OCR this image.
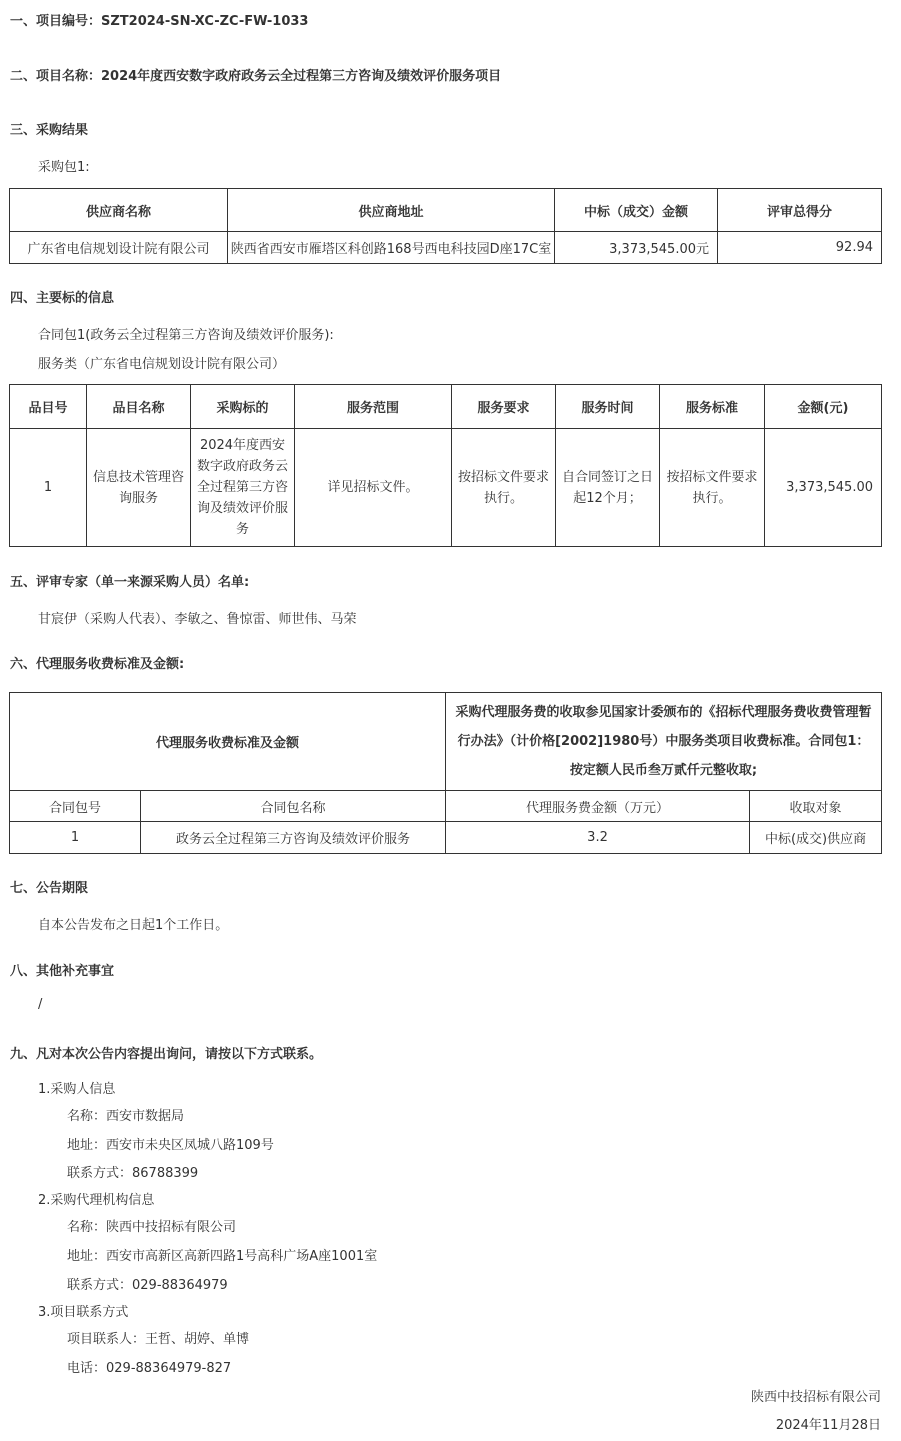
一、项目编号：SZT2024-SN-XC-ZC-FW-1033
二、项目名称：2024年度西安数字政府政务云全过程第三方咨询及绩效评价服务项目
三、采购结果
采购包1:
供应商名称	供应商地址	中标（成交）金额	评审总得分
广东省电信规划设计院有限公司	陕西省西安市雁塔区科创路168号西电科技园D座17C室	3,373,545.00元	92.94
四、主要标的信息
合同包1(政务云全过程第三方咨询及绩效评价服务):
服务类（广东省电信规划设计院有限公司）
品目号	品目名称	采购标的	服务范围	服务要求	服务时间	服务标准	金额(元)
1	信息技术管理咨询服务	2024年度西安数字政府政务云全过程第三方咨询及绩效评价服务	详见招标文件。	按招标文件要求执行。	自合同签订之日起12个月；	按招标文件要求执行。	3,373,545.00
五、评审专家（单一来源采购人员）名单:
甘宸伊（采购人代表）、李敏之、鲁惊雷、师世伟、马荣
六、代理服务收费标准及金额:
代理服务收费标准及金额		采购代理服务费的收取参见国家计委颁布的《招标代理服务费收费管理暂行办法》（计价格[2002]1980号）中服务类项目收费标准。合同包1：按定额人民币叁万贰仟元整收取;	
合同包号	合同包名称	代理服务费金额（万元）	收取对象
1	政务云全过程第三方咨询及绩效评价服务	3.2	中标(成交)供应商
七、公告期限
自本公告发布之日起1个工作日。
八、其他补充事宜
/
九、凡对本次公告内容提出询问，请按以下方式联系。
1.采购人信息
名称：西安市数据局
地址：西安市未央区凤城八路109号
联系方式：86788399
2.采购代理机构信息
名称：陕西中技招标有限公司
地址：西安市高新区高新四路1号高科广场A座1001室
联系方式：029-88364979
3.项目联系方式
项目联系人：王哲、胡婷、单博
电话：029-88364979-827
陕西中技招标有限公司
2024年11月28日
